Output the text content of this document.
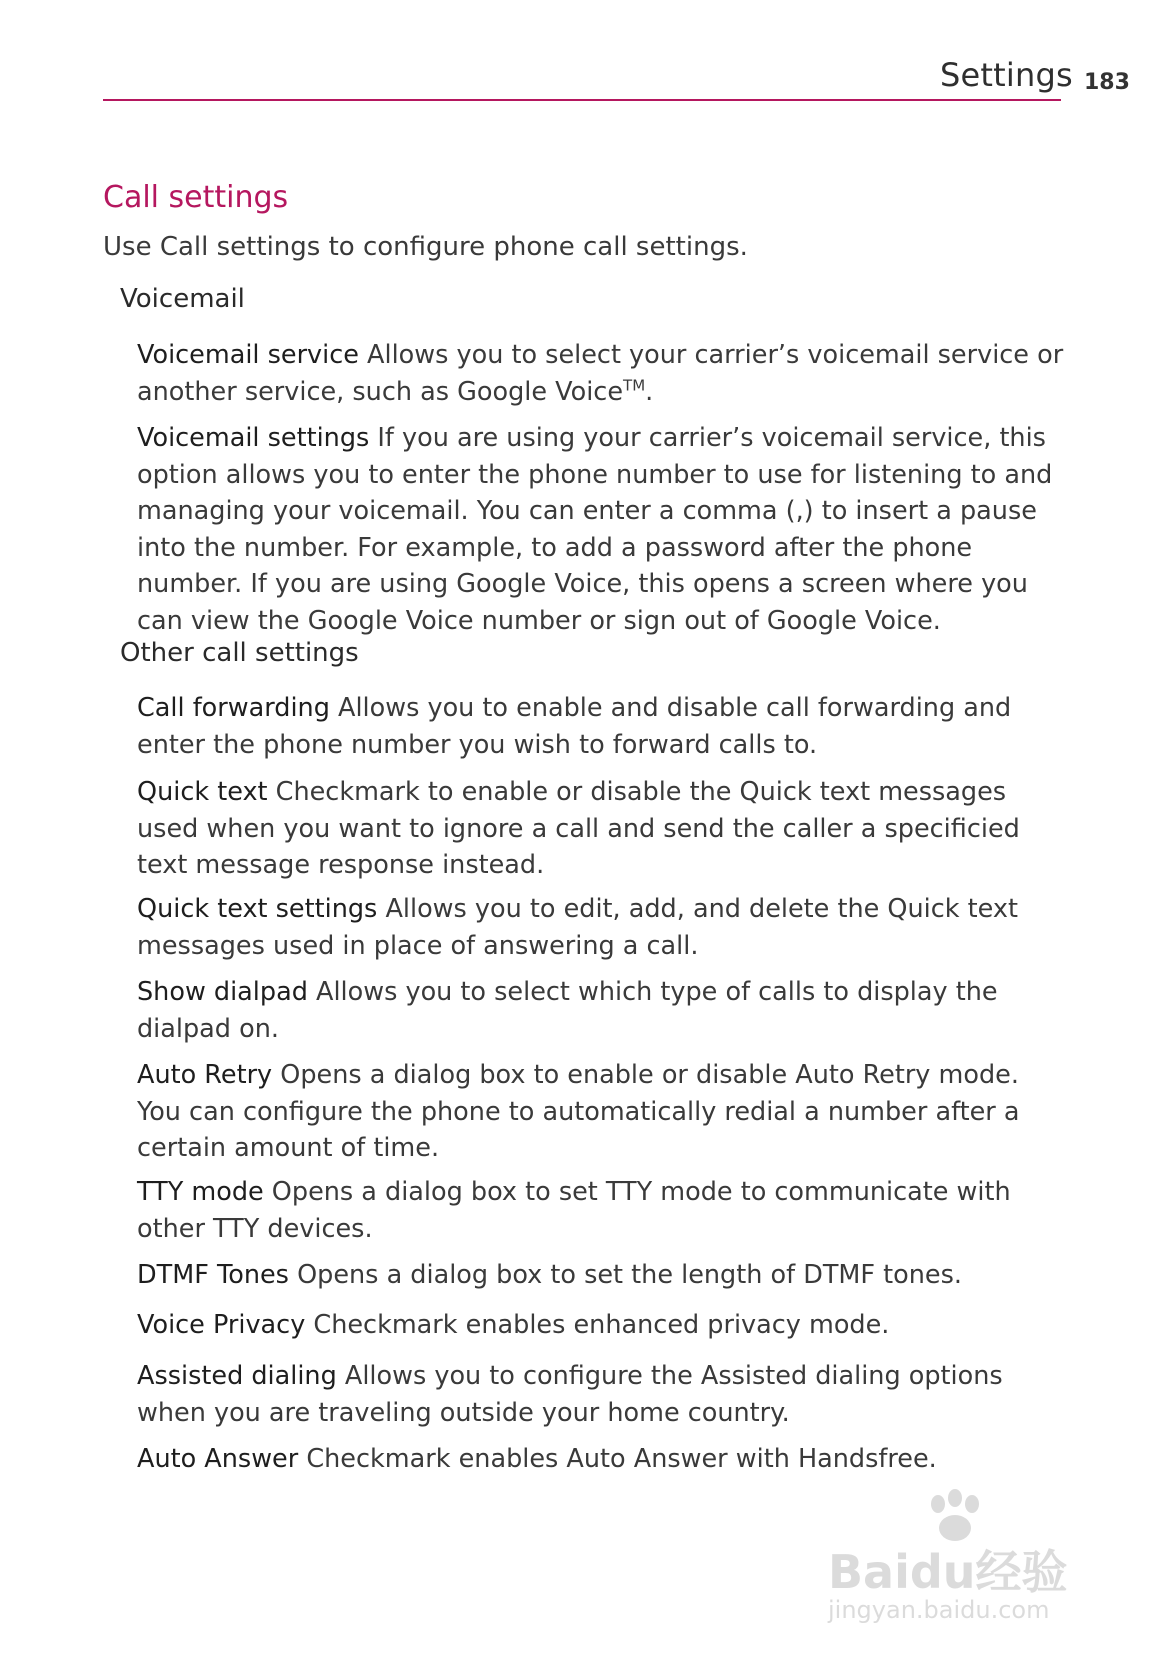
Settings 183
Call settings
Use Call settings to configure phone call settings.
Voicemail
Voicemail service Allows you to select your carrier’s voicemail service or another service, such as Google Voice™.
Voicemail settings If you are using your carrier’s voicemail service, this option allows you to enter the phone number to use for listening to and managing your voicemail. You can enter a comma (,) to insert a pause into the number. For example, to add a password after the phone number. If you are using Google Voice, this opens a screen where you can view the Google Voice number or sign out of Google Voice.
Other call settings
Call forwarding Allows you to enable and disable call forwarding and enter the phone number you wish to forward calls to.
Quick text Checkmark to enable or disable the Quick text messages used when you want to ignore a call and send the caller a specificied text message response instead.
Quick text settings Allows you to edit, add, and delete the Quick text messages used in place of answering a call.
Show dialpad Allows you to select which type of calls to display the dialpad on.
Auto Retry Opens a dialog box to enable or disable Auto Retry mode. You can configure the phone to automatically redial a number after a certain amount of time.
TTY mode Opens a dialog box to set TTY mode to communicate with other TTY devices.
DTMF Tones Opens a dialog box to set the length of DTMF tones.
Voice Privacy Checkmark enables enhanced privacy mode.
Assisted dialing Allows you to configure the Assisted dialing options when you are traveling outside your home country.
Auto Answer Checkmark enables Auto Answer with Handsfree.
Baidu经验
jingyan.baidu.com
